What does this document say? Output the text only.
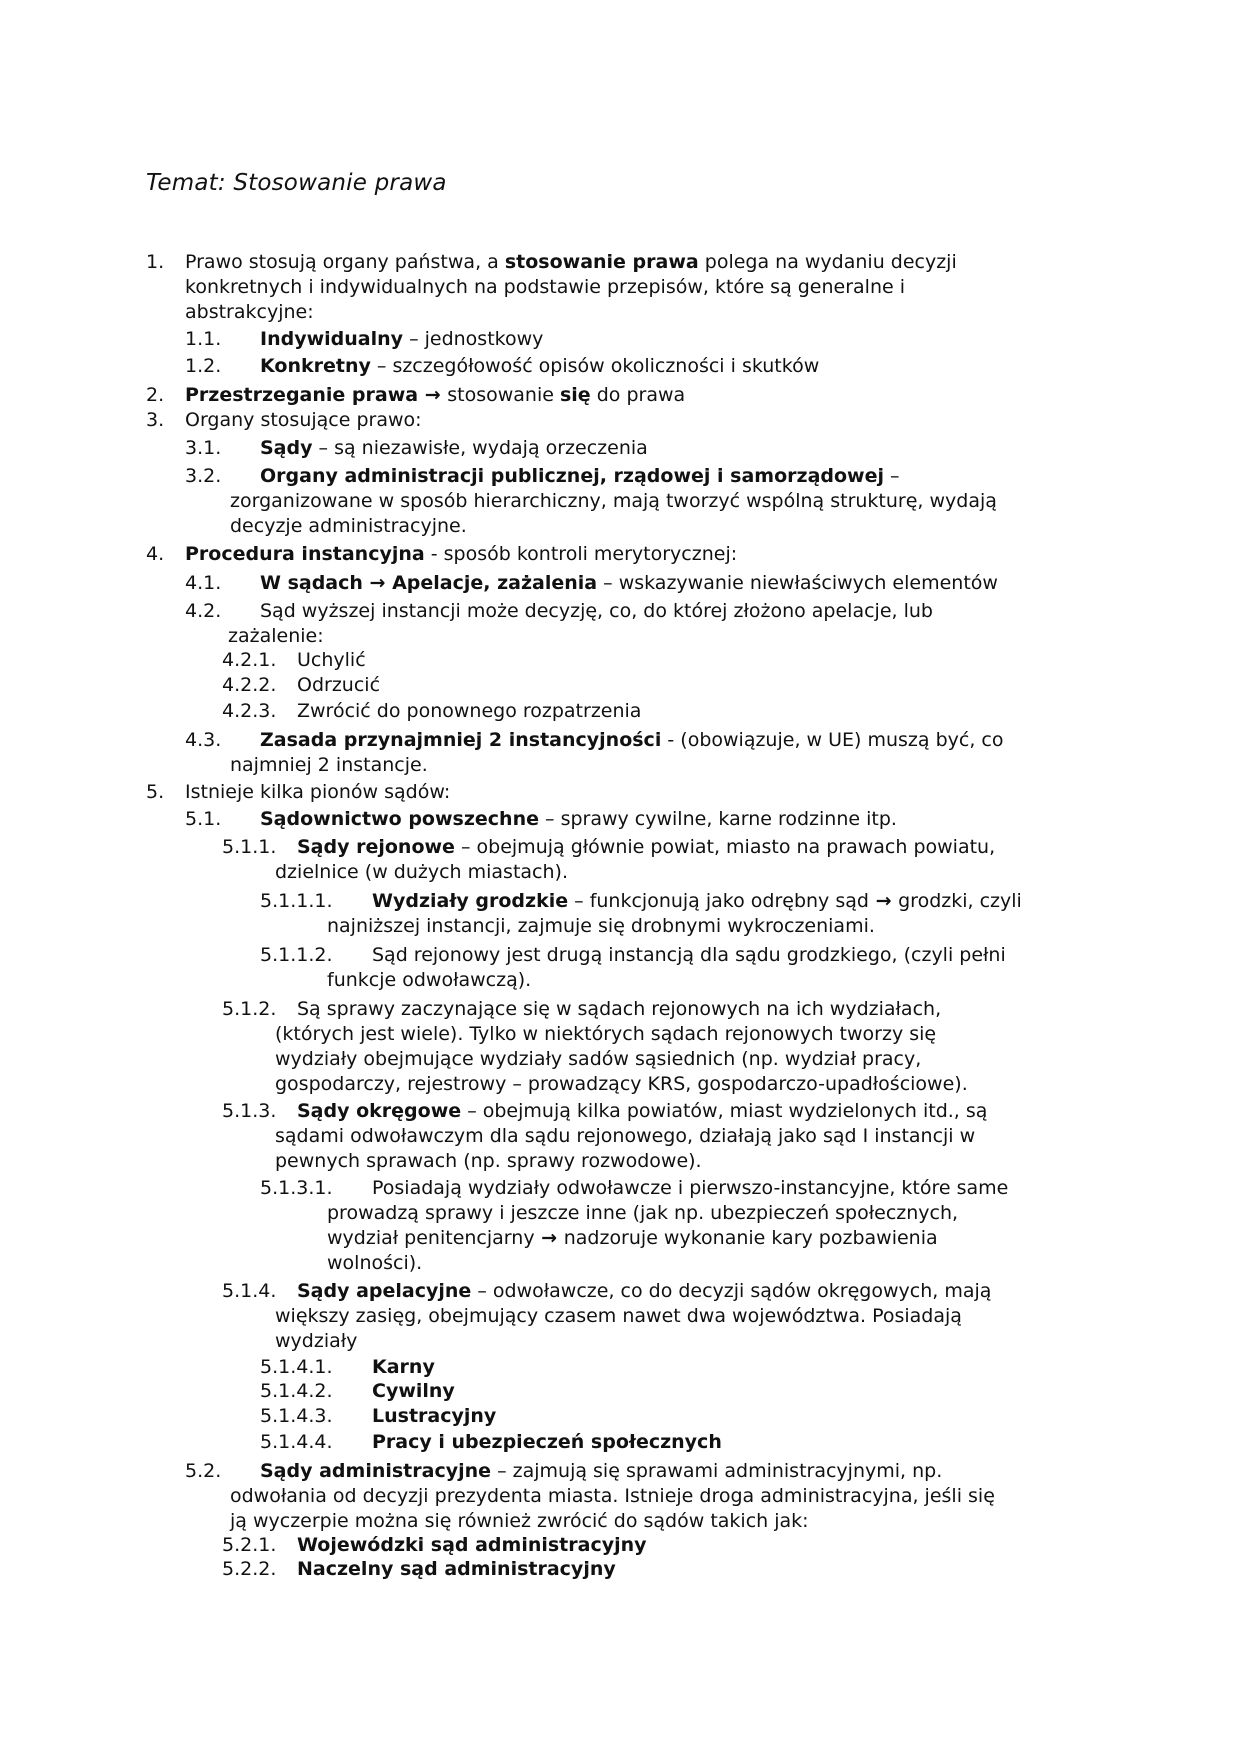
Temat: Stosowanie prawa
1. Prawo stosują organy państwa, a stosowanie prawa polega na wydaniu decyzji
konkretnych i indywidualnych na podstawie przepisów, które są generalne i
abstrakcyjne:
1.1. Indywidualny – jednostkowy
1.2. Konkretny – szczegółowość opisów okoliczności i skutków
2. Przestrzeganie prawa → stosowanie się do prawa
3. Organy stosujące prawo:
3.1. Sądy – są niezawisłe, wydają orzeczenia
3.2. Organy administracji publicznej, rządowej i samorządowej –
zorganizowane w sposób hierarchiczny, mają tworzyć wspólną strukturę, wydają
decyzje administracyjne.
4. Procedura instancyjna - sposób kontroli merytorycznej:
4.1. W sądach → Apelacje, zażalenia – wskazywanie niewłaściwych elementów
4.2. Sąd wyższej instancji może decyzję, co, do której złożono apelacje, lub
zażalenie:
4.2.1. Uchylić
4.2.2. Odrzucić
4.2.3. Zwrócić do ponownego rozpatrzenia
4.3. Zasada przynajmniej 2 instancyjności - (obowiązuje, w UE) muszą być, co
najmniej 2 instancje.
5. Istnieje kilka pionów sądów:
5.1. Sądownictwo powszechne – sprawy cywilne, karne rodzinne itp.
5.1.1. Sądy rejonowe – obejmują głównie powiat, miasto na prawach powiatu,
dzielnice (w dużych miastach).
5.1.1.1. Wydziały grodzkie – funkcjonują jako odrębny sąd → grodzki, czyli
najniższej instancji, zajmuje się drobnymi wykroczeniami.
5.1.1.2. Sąd rejonowy jest drugą instancją dla sądu grodzkiego, (czyli pełni
funkcje odwoławczą).
5.1.2. Są sprawy zaczynające się w sądach rejonowych na ich wydziałach,
(których jest wiele). Tylko w niektórych sądach rejonowych tworzy się
wydziały obejmujące wydziały sadów sąsiednich (np. wydział pracy,
gospodarczy, rejestrowy – prowadzący KRS, gospodarczo-upadłościowe).
5.1.3. Sądy okręgowe – obejmują kilka powiatów, miast wydzielonych itd., są
sądami odwoławczym dla sądu rejonowego, działają jako sąd I instancji w
pewnych sprawach (np. sprawy rozwodowe).
5.1.3.1. Posiadają wydziały odwoławcze i pierwszo-instancyjne, które same
prowadzą sprawy i jeszcze inne (jak np. ubezpieczeń społecznych,
wydział penitencjarny → nadzoruje wykonanie kary pozbawienia
wolności).
5.1.4. Sądy apelacyjne – odwoławcze, co do decyzji sądów okręgowych, mają
większy zasięg, obejmujący czasem nawet dwa województwa. Posiadają
wydziały
5.1.4.1. Karny
5.1.4.2. Cywilny
5.1.4.3. Lustracyjny
5.1.4.4. Pracy i ubezpieczeń społecznych
5.2. Sądy administracyjne – zajmują się sprawami administracyjnymi, np.
odwołania od decyzji prezydenta miasta. Istnieje droga administracyjna, jeśli się
ją wyczerpie można się również zwrócić do sądów takich jak:
5.2.1. Wojewódzki sąd administracyjny
5.2.2. Naczelny sąd administracyjny
